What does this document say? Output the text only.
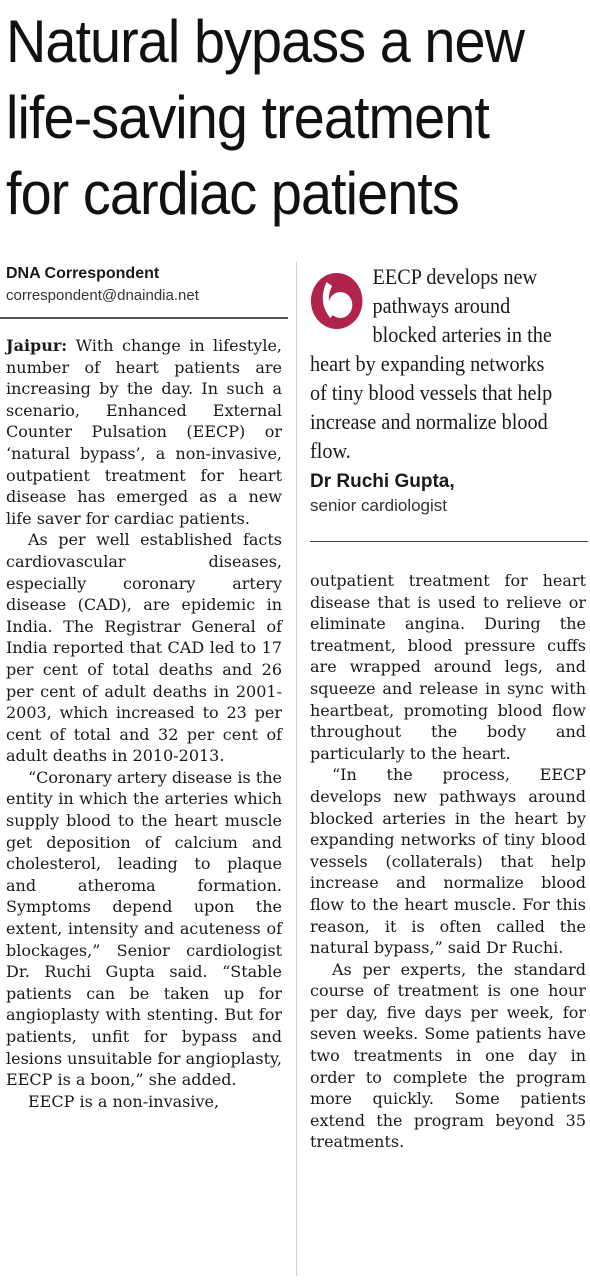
Natural bypass a new life-saving treatment for cardiac patients
DNA Correspondent
correspondent@dnaindia.net
EECP develops new pathways around blocked arteries in the heart by expanding networks of tiny blood vessels that help increase and normalize blood flow.
Dr Ruchi Gupta,
senior cardiologist

Jaipur: With change in lifestyle, number of heart patients are increasing by the day. In such a scenario, Enhanced External Counter Pulsation (EECP) or ‘natural bypass’, a non-invasive, outpatient treatment for heart disease has emerged as a new life saver for cardiac patients.

As per well established facts cardiovascular diseases, especially coronary artery disease (CAD), are epidemic in India. The Registrar General of India reported that CAD led to 17 per cent of total deaths and 26 per cent of adult deaths in 2001-2003, which increased to 23 per cent of total and 32 per cent of adult deaths in 2010-2013.

“Coronary artery disease is the entity in which the arteries which supply blood to the heart muscle get deposition of calcium and cholesterol, leading to plaque and atheroma formation. Symptoms depend upon the extent, intensity and acuteness of blockages,” Senior cardiologist Dr. Ruchi Gupta said. “Stable patients can be taken up for angioplasty with stenting. But for patients, unfit for bypass and lesions unsuitable for angioplasty, EECP is a boon,” she added.

EECP is a non-invasive,

outpatient treatment for heart disease that is used to relieve or eliminate angina. During the treatment, blood pressure cuffs are wrapped around legs, and squeeze and release in sync with heartbeat, promoting blood flow throughout the body and particularly to the heart.

“In the process, EECP develops new pathways around blocked arteries in the heart by expanding networks of tiny blood vessels (collaterals) that help increase and normalize blood flow to the heart muscle. For this reason, it is often called the natural bypass,” said Dr Ruchi.

As per experts, the standard course of treatment is one hour per day, five days per week, for seven weeks. Some patients have two treatments in one day in order to complete the program more quickly. Some patients extend the program beyond 35 treatments.
